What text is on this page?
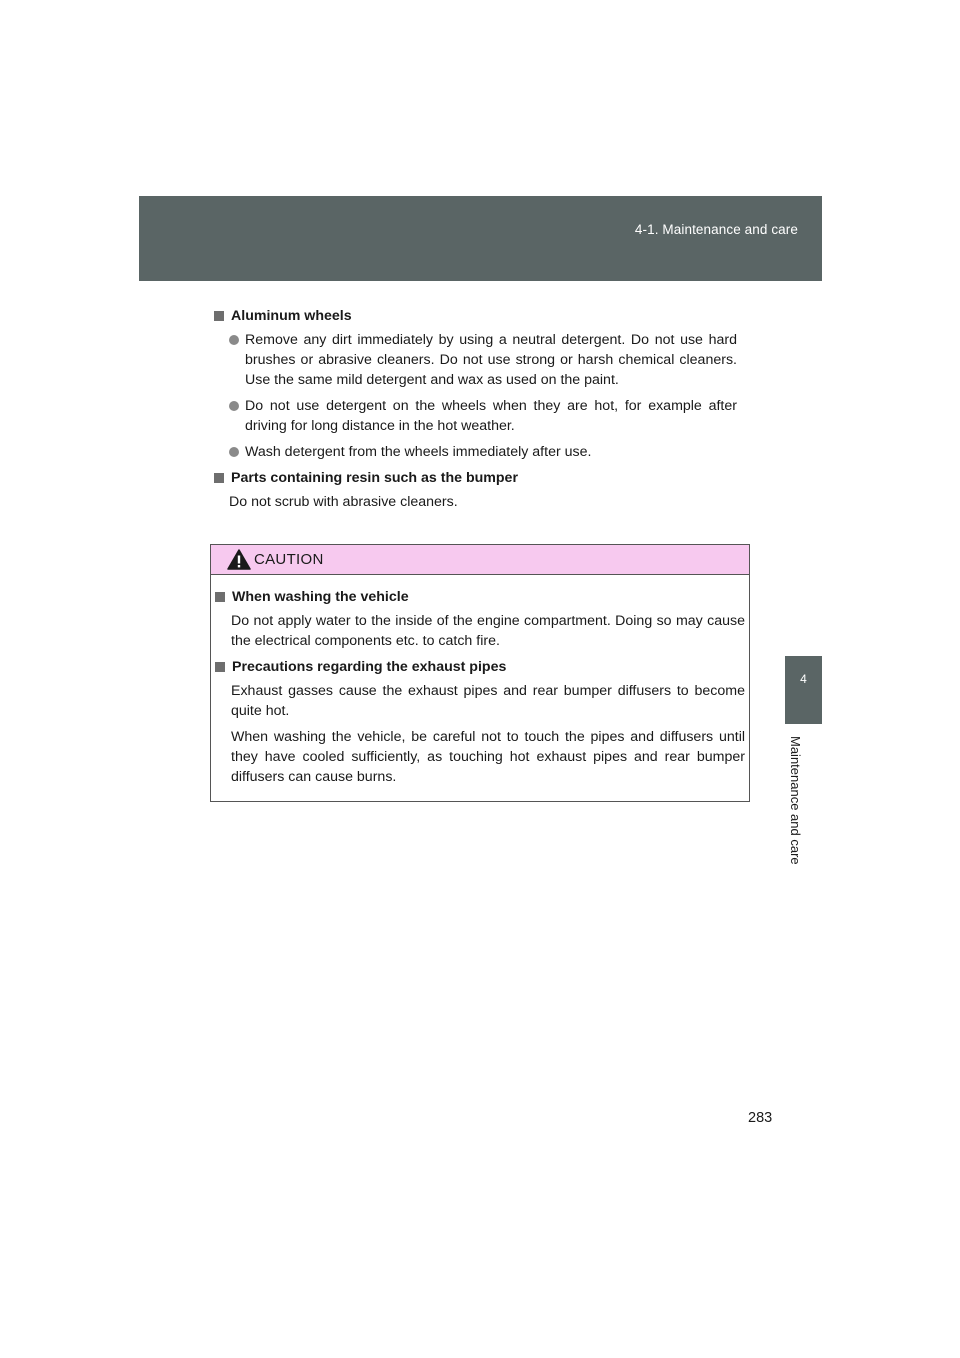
4-1. Maintenance and care
4
Maintenance and care
Aluminum wheels
Remove any dirt immediately by using a neutral detergent. Do not use hard brushes or abrasive cleaners. Do not use strong or harsh chemical cleaners. Use the same mild detergent and wax as used on the paint.
Do not use detergent on the wheels when they are hot, for example after driving for long distance in the hot weather.
Wash detergent from the wheels immediately after use.
Parts containing resin such as the bumper
Do not scrub with abrasive cleaners.
CAUTION
When washing the vehicle
Do not apply water to the inside of the engine compartment. Doing so may cause the electrical components etc. to catch fire.
Precautions regarding the exhaust pipes
Exhaust gasses cause the exhaust pipes and rear bumper diffusers to become quite hot.
When washing the vehicle, be careful not to touch the pipes and diffusers until they have cooled sufficiently, as touching hot exhaust pipes and rear bumper diffusers can cause burns.
283
